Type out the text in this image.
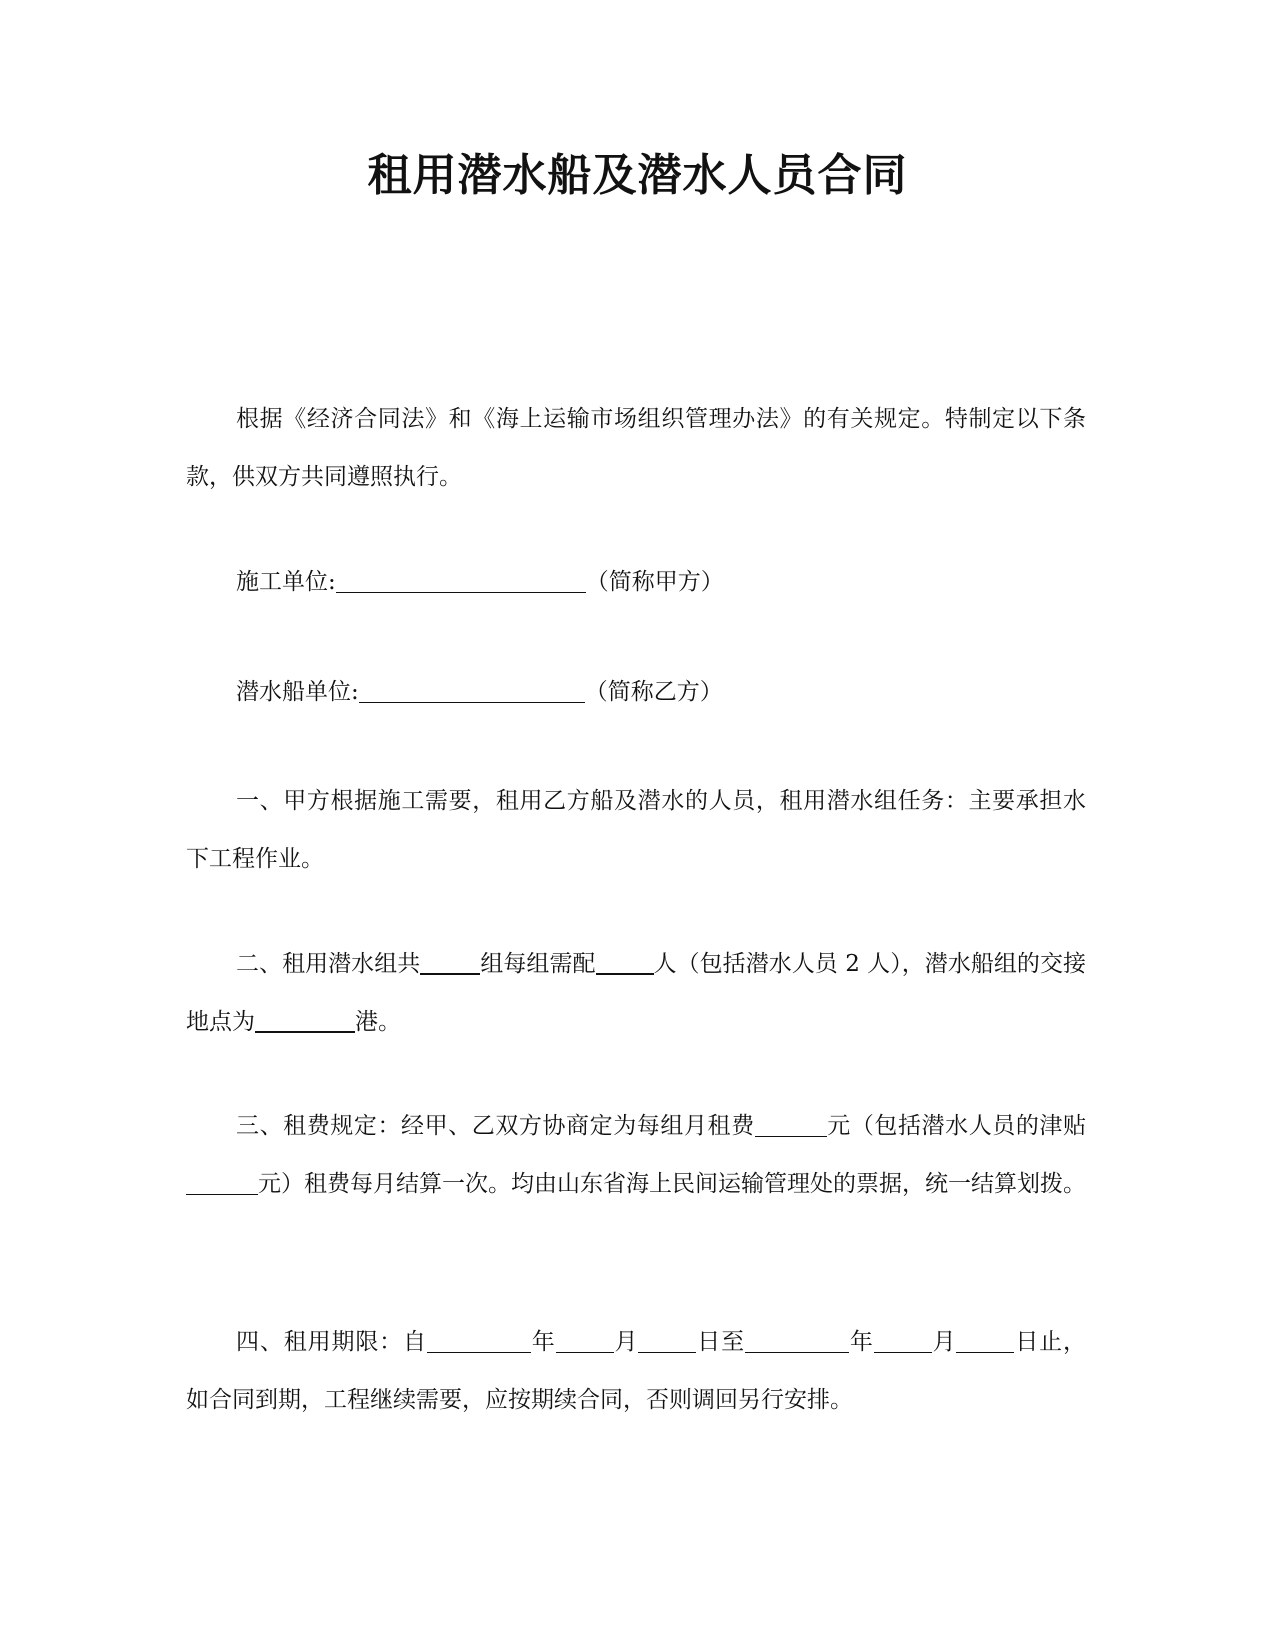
租用潜水船及潜水人员合同
根据《经济合同法》和《海上运输市场组织管理办法》的有关规定。特制定以下条款，供双方共同遵照执行。
施工单位:	（简称甲方）
潜水船单位:	（简称乙方）
一、甲方根据施工需要，租用乙方船及潜水的人员，租用潜水组任务：主要承担水下工程作业。
二、租用潜水组共	组每组需配	人（包括潜水人员 2 人），潜水船组的交接地点为	港。
三、租费规定：经甲、乙双方协商定为每组月租费	元（包括潜水人员的津贴元）租费每月结算一次。均由山东省海上民间运输管理处的票据，统一结算划拨。
四、租用期限：自	年	月	日至	年	月	日止，如合同到期，工程继续需要，应按期续合同，否则调回另行安排。
